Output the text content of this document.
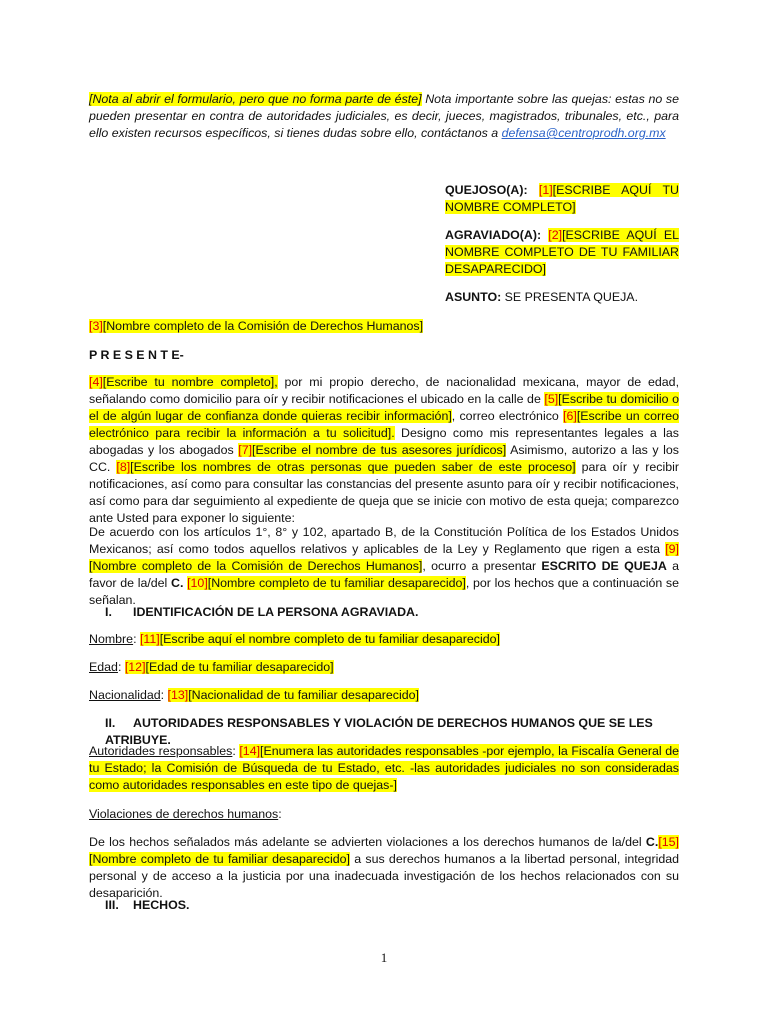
[Nota al abrir el formulario, pero que no forma parte de éste] Nota importante sobre las quejas: estas no se pueden presentar en contra de autoridades judiciales, es decir, jueces, magistrados, tribunales, etc., para ello existen recursos específicos, si tienes dudas sobre ello, contáctanos a defensa@centroprodh.org.mx

QUEJOSO(A): [1][ESCRIBE AQUÍ TU NOMBRE COMPLETO]

AGRAVIADO(A): [2][ESCRIBE AQUÍ EL NOMBRE COMPLETO DE TU FAMILIAR DESAPARECIDO]

ASUNTO: SE PRESENTA QUEJA.

[3][Nombre completo de la Comisión de Derechos Humanos]

P R E S E N T E-

[4][Escribe tu nombre completo], por mi propio derecho, de nacionalidad mexicana, mayor de edad, señalando como domicilio para oír y recibir notificaciones el ubicado en la calle de [5][Escribe tu domicilio o el de algún lugar de confianza donde quieras recibir información], correo electrónico [6][Escribe un correo electrónico para recibir la información a tu solicitud]. Designo como mis representantes legales a las abogadas y los abogados [7][Escribe el nombre de tus asesores jurídicos] Asimismo, autorizo a las y los CC. [8][Escribe los nombres de otras personas que pueden saber de este proceso] para oír y recibir notificaciones, así como para consultar las constancias del presente asunto para oír y recibir notificaciones, así como para dar seguimiento al expediente de queja que se inicie con motivo de esta queja; comparezco ante Usted para exponer lo siguiente:

De acuerdo con los artículos 1°, 8° y 102, apartado B, de la Constitución Política de los Estados Unidos Mexicanos; así como todos aquellos relativos y aplicables de la Ley y Reglamento que rigen a esta [9][Nombre completo de la Comisión de Derechos Humanos], ocurro a presentar ESCRITO DE QUEJA a favor de la/del C. [10][Nombre completo de tu familiar desaparecido], por los hechos que a continuación se señalan.

I. IDENTIFICACIÓN DE LA PERSONA AGRAVIADA.

Nombre: [11][Escribe aquí el nombre completo de tu familiar desaparecido]

Edad: [12][Edad de tu familiar desaparecido]

Nacionalidad: [13][Nacionalidad de tu familiar desaparecido]

II. AUTORIDADES RESPONSABLES Y VIOLACIÓN DE DERECHOS HUMANOS QUE SE LES ATRIBUYE.

Autoridades responsables: [14][Enumera las autoridades responsables -por ejemplo, la Fiscalía General de tu Estado; la Comisión de Búsqueda de tu Estado, etc. -las autoridades judiciales no son consideradas como autoridades responsables en este tipo de quejas-]

Violaciones de derechos humanos:

De los hechos señalados más adelante se advierten violaciones a los derechos humanos de la/del C.[15] [Nombre completo de tu familiar desaparecido] a sus derechos humanos a la libertad personal, integridad personal y de acceso a la justicia por una inadecuada investigación de los hechos relacionados con su desaparición.

III. HECHOS.

1
